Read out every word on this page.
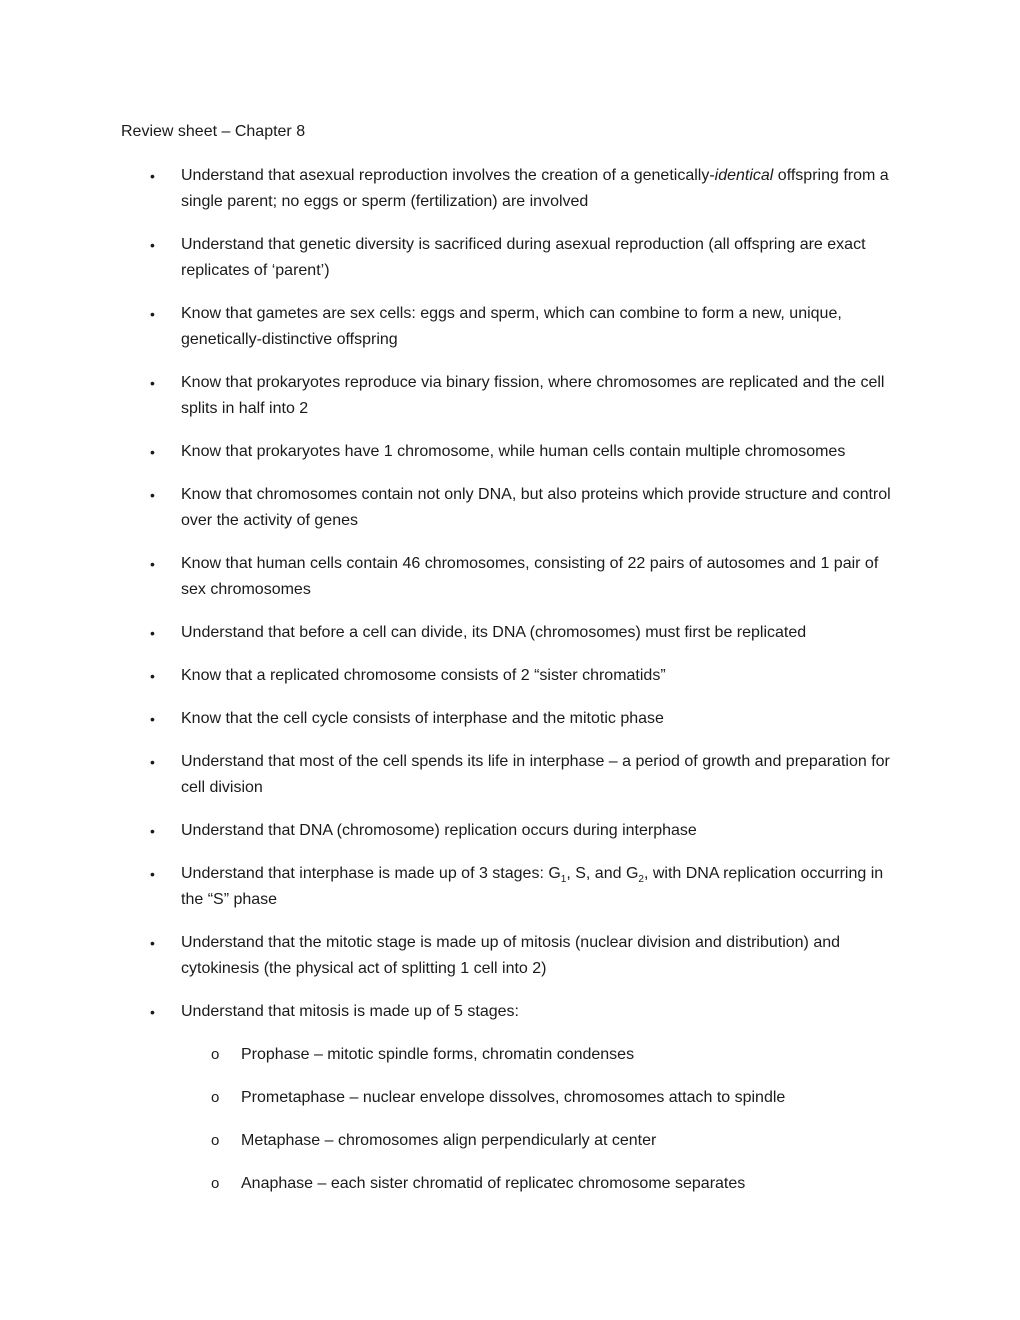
Review sheet – Chapter 8
• Understand that asexual reproduction involves the creation of a genetically-identical offspring from a single parent; no eggs or sperm (fertilization) are involved
• Understand that genetic diversity is sacrificed during asexual reproduction (all offspring are exact replicates of ‘parent’)
• Know that gametes are sex cells: eggs and sperm, which can combine to form a new, unique, genetically-distinctive offspring
• Know that prokaryotes reproduce via binary fission, where chromosomes are replicated and the cell splits in half into 2
• Know that prokaryotes have 1 chromosome, while human cells contain multiple chromosomes
• Know that chromosomes contain not only DNA, but also proteins which provide structure and control over the activity of genes
• Know that human cells contain 46 chromosomes, consisting of 22 pairs of autosomes and 1 pair of sex chromosomes
• Understand that before a cell can divide, its DNA (chromosomes) must first be replicated
• Know that a replicated chromosome consists of 2 “sister chromatids”
• Know that the cell cycle consists of interphase and the mitotic phase
• Understand that most of the cell spends its life in interphase – a period of growth and preparation for cell division
• Understand that DNA (chromosome) replication occurs during interphase
• Understand that interphase is made up of 3 stages: $G_1$, S, and $G_2$, with DNA replication occurring in the “S” phase
• Understand that the mitotic stage is made up of mitosis (nuclear division and distribution) and cytokinesis (the physical act of splitting 1 cell into 2)
• Understand that mitosis is made up of 5 stages:
o Prophase – mitotic spindle forms, chromatin condenses
o Prometaphase – nuclear envelope dissolves, chromosomes attach to spindle
o Metaphase – chromosomes align perpendicularly at center
o Anaphase – each sister chromatid of replicatec chromosome separates
